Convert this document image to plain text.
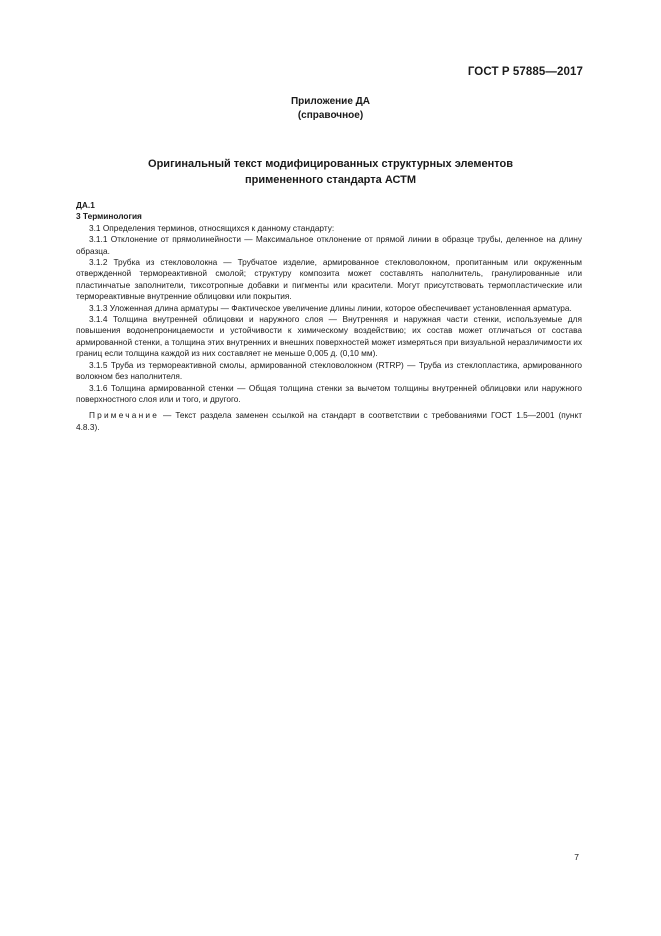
ГОСТ Р 57885—2017
Приложение ДА
(справочное)
Оригинальный текст модифицированных структурных элементов
примененного стандарта АСТМ

ДА.1

3 Терминология

3.1 Определения терминов, относящихся к данному стандарту:

3.1.1 Отклонение от прямолинейности — Максимальное отклонение от прямой линии в образце трубы, деленное на длину образца.

3.1.2 Трубка из стекловолокна — Трубчатое изделие, армированное стекловолокном, пропитанным или окруженным отвержденной термореактивной смолой; структуру композита может составлять наполнитель, гранулированные или пластинчатые заполнители, тиксотропные добавки и пигменты или красители. Могут присутствовать термопластические или термореактивные внутренние облицовки или покрытия.

3.1.3 Уложенная длина арматуры — Фактическое увеличение длины линии, которое обеспечивает установленная арматура.

3.1.4 Толщина внутренней облицовки и наружного слоя — Внутренняя и наружная части стенки, используемые для повышения водонепроницаемости и устойчивости к химическому воздействию; их состав может отличаться от состава армированной стенки, а толщина этих внутренних и внешних поверхностей может измеряться при визуальной неразличимости их границ если толщина каждой из них составляет не меньше 0,005 д. (0,10 мм).

3.1.5 Труба из термореактивной смолы, армированной стекловолокном (RTRP) — Труба из стеклопластика, армированного волокном без наполнителя.

3.1.6 Толщина армированной стенки — Общая толщина стенки за вычетом толщины внутренней облицовки или наружного поверхностного слоя или и того, и другого.

Примечание — Текст раздела заменен ссылкой на стандарт в соответствии с требованиями ГОСТ 1.5—2001 (пункт 4.8.3).

7
